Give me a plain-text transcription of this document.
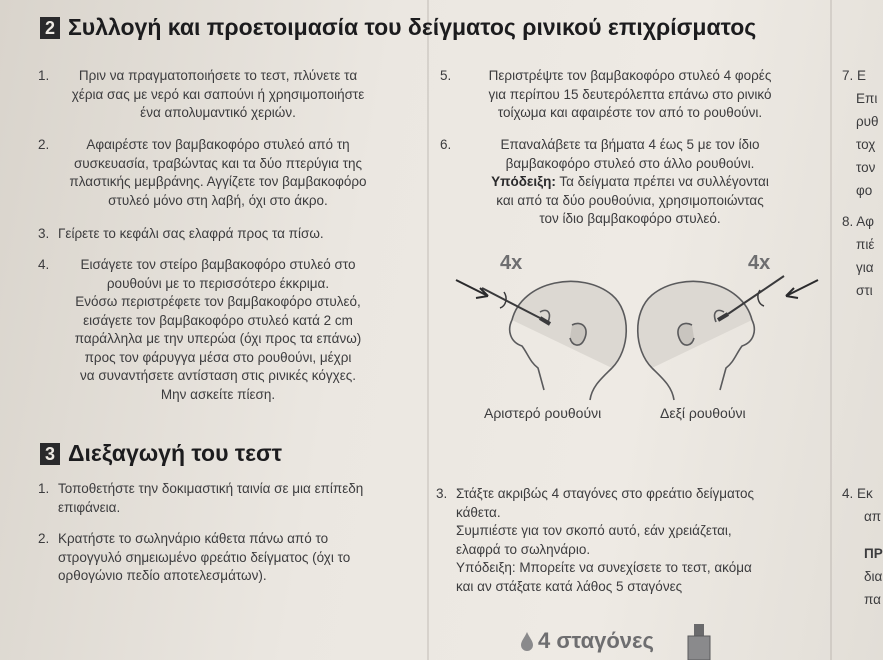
2 Συλλογή και προετοιμασία του δείγματος ρινικού επιχρίσματος
1.	Πριν να πραγματοποιήσετε το τεστ, πλύνετε τα
χέρια σας με νερό και σαπούνι ή χρησιμοποιήστε
ένα απολυμαντικό χεριών.
2.	Αφαιρέστε τον βαμβακοφόρο στυλεό από τη
συσκευασία, τραβώντας και τα δύο πτερύγια της
πλαστικής μεμβράνης. Αγγίζετε τον βαμβακοφόρο
στυλεό μόνο στη λαβή, όχι στο άκρο.
3. Γείρετε το κεφάλι σας ελαφρά προς τα πίσω.
4.	Εισάγετε τον στείρο βαμβακοφόρο στυλεό στο
ρουθούνι με το περισσότερο έκκριμα.
Ενόσω περιστρέφετε τον βαμβακοφόρο στυλεό,
εισάγετε τον βαμβακοφόρο στυλεό κατά 2 cm
παράλληλα με την υπερώα (όχι προς τα επάνω)
προς τον φάρυγγα μέσα στο ρουθούνι, μέχρι
να συναντήσετε αντίσταση στις ρινικές κόγχες.
Μην ασκείτε πίεση.
5.	Περιστρέψτε τον βαμβακοφόρο στυλεό 4 φορές
για περίπου 15 δευτερόλεπτα επάνω στο ρινικό
τοίχωμα και αφαιρέστε τον από το ρουθούνι.
6.	Επαναλάβετε τα βήματα 4 έως 5 με τον ίδιο
βαμβακοφόρο στυλεό στο άλλο ρουθούνι.
Υπόδειξη: Τα δείγματα πρέπει να συλλέγονται
και από τα δύο ρουθούνια, χρησιμοποιώντας
τον ίδιο βαμβακοφόρο στυλεό.
4x	4x
Αριστερό ρουθούνι	Δεξί ρουθούνι
7. Ε
Επι
ρυθ
τοχ
τον
φο
8. Αφ
πιέ
για
στι
3 Διεξαγωγή του τεστ
1. Τοποθετήστε την δοκιμαστική ταινία σε μια επίπεδη
επιφάνεια.
2. Κρατήστε το σωληνάριο κάθετα πάνω από το
στρογγυλό σημειωμένο φρεάτιο δείγματος (όχι το
ορθογώνιο πεδίο αποτελεσμάτων).
3. Στάξτε ακριβώς 4 σταγόνες στο φρεάτιο δείγματος
κάθετα.
Συμπιέστε για τον σκοπό αυτό, εάν χρειάζεται,
ελαφρά το σωληνάριο.
Υπόδειξη: Μπορείτε να συνεχίσετε το τεστ, ακόμα
και αν στάξατε κατά λάθος 5 σταγόνες
4 σταγόνες
4. Εκ
απ
ΠΡ
δια
πα
